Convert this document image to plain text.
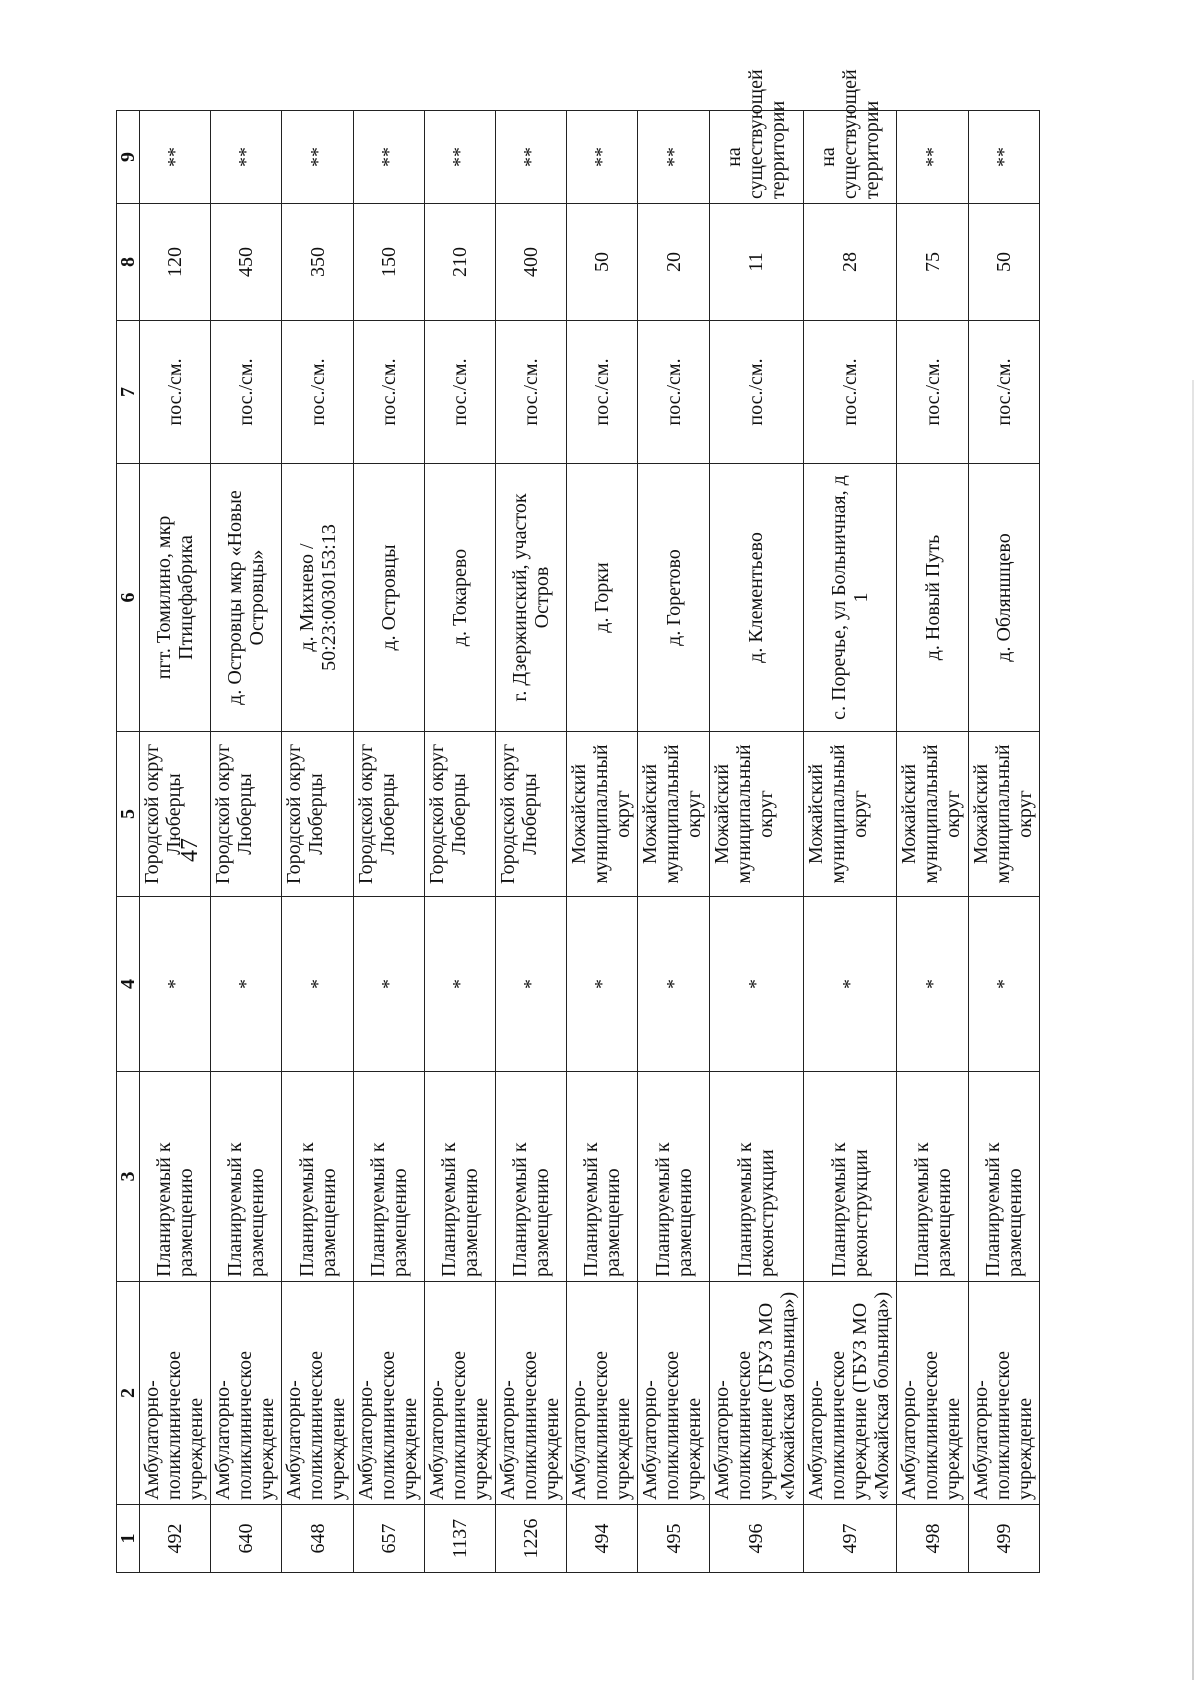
47
1	2	3	4	5	6	7	8	9
492	Амбулаторно-поликлиническое учреждение	Планируемый к размещению	*	Городской округ Люберцы	пгт. Томилино, мкр Птицефабрика	пос./см.	120	**
640	Амбулаторно-поликлиническое учреждение	Планируемый к размещению	*	Городской округ Люберцы	д. Островцы мкр «Новые Островцы»	пос./см.	450	**
648	Амбулаторно-поликлиническое учреждение	Планируемый к размещению	*	Городской округ Люберцы	д. Михнево / 50:23:0030153:13	пос./см.	350	**
657	Амбулаторно-поликлиническое учреждение	Планируемый к размещению	*	Городской округ Люберцы	д. Островцы	пос./см.	150	**
1137	Амбулаторно-поликлиническое учреждение	Планируемый к размещению	*	Городской округ Люберцы	д. Токарево	пос./см.	210	**
1226	Амбулаторно-поликлиническое учреждение	Планируемый к размещению	*	Городской округ Люберцы	г. Дзержинский, участок Остров	пос./см.	400	**
494	Амбулаторно-поликлиническое учреждение	Планируемый к размещению	*	Можайский муниципальный округ	д. Горки	пос./см.	50	**
495	Амбулаторно-поликлиническое учреждение	Планируемый к размещению	*	Можайский муниципальный округ	д. Горетово	пос./см.	20	**
496	Амбулаторно-поликлиническое учреждение (ГБУЗ МО «Можайская больница»)	Планируемый к реконструкции	*	Можайский муниципальный округ	д. Клементьево	пос./см.	11	на существующей территории
497	Амбулаторно-поликлиническое учреждение (ГБУЗ МО «Можайская больница»)	Планируемый к реконструкции	*	Можайский муниципальный округ	с. Поречье, ул Больничная, д 1	пос./см.	28	на существующей территории
498	Амбулаторно-поликлиническое учреждение	Планируемый к размещению	*	Можайский муниципальный округ	д. Новый Путь	пос./см.	75	**
499	Амбулаторно-поликлиническое учреждение	Планируемый к размещению	*	Можайский муниципальный округ	д. Обляншцево	пос./см.	50	**
